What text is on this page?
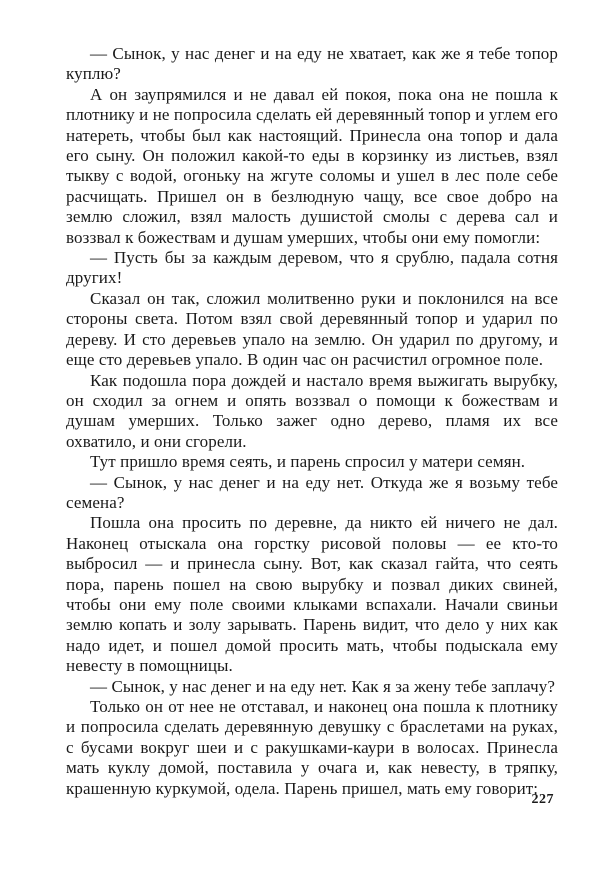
— Сынок, у нас денег и на еду не хватает, как же я тебе топор куплю?

А он заупрямился и не давал ей покоя, пока она не пошла к плотнику и не попросила сделать ей деревянный топор и углем его натереть, чтобы был как настоящий. Принесла она топор и дала его сыну. Он положил какой-то еды в корзинку из листьев, взял тыкву с водой, огоньку на жгуте соломы и ушел в лес поле себе расчищать. Пришел он в безлюдную чащу, все свое добро на землю сложил, взял малость душистой смолы с дерева сал и воззвал к божествам и душам умерших, чтобы они ему помогли:

— Пусть бы за каждым деревом, что я срублю, падала сотня других!

Сказал он так, сложил молитвенно руки и поклонился на все стороны света. Потом взял свой деревянный топор и ударил по дереву. И сто деревьев упало на землю. Он ударил по другому, и еще сто деревьев упало. В один час он расчистил огромное поле.

Как подошла пора дождей и настало время выжигать вырубку, он сходил за огнем и опять воззвал о помощи к божествам и душам умерших. Только зажег одно дерево, пламя их все охватило, и они сгорели.

Тут пришло время сеять, и парень спросил у матери семян.

— Сынок, у нас денег и на еду нет. Откуда же я возьму тебе семена?

Пошла она просить по деревне, да никто ей ничего не дал. Наконец отыскала она горстку рисовой половы — ее кто-то выбросил — и принесла сыну. Вот, как сказал гайта, что сеять пора, парень пошел на свою вырубку и позвал диких свиней, чтобы они ему поле своими клыками вспахали. Начали свиньи землю копать и золу зарывать. Парень видит, что дело у них как надо идет, и пошел домой просить мать, чтобы подыскала ему невесту в помощницы.

— Сынок, у нас денег и на еду нет. Как я за жену тебе заплачу?

Только он от нее не отставал, и наконец она пошла к плотнику и попросила сделать деревянную девушку с браслетами на руках, с бусами вокруг шеи и с ракушками-каури в волосах. Принесла мать куклу домой, поставила у очага и, как невесту, в тряпку, крашенную куркумой, одела. Парень пришел, мать ему говорит:

227
